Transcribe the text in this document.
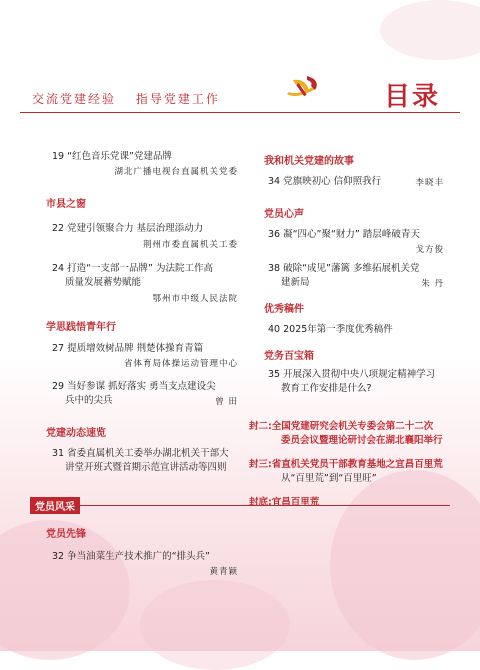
交流党建经验 指导党建工作	目录
19 “红色音乐党课”党建品牌
湖北广播电视台直属机关党委
市县之窗
22 党建引领聚合力 基层治理添动力
荆州市委直属机关工委
24 打造“一支部一品牌” 为法院工作高
质量发展蓄势赋能
鄂州市中级人民法院
学思践悟青年行
27 提质增效树品牌 荆楚体操育青篇
省体育局体操运动管理中心
29 当好参谋 抓好落实 勇当支点建设尖
兵中的尖兵	曾 田
党建动态速览
31 省委直属机关工委举办湖北机关干部大
讲堂开班式暨首期示范宣讲活动等四则
党员风采
党员先锋
32 争当油菜生产技术推广的“排头兵”
黄青颖
我和机关党建的故事
34 党旗映初心 信仰照我行	李晓丰
党员心声
36 凝“四心”聚“财力” 踏层峰破青天
戈方俊
38 破除“成见”藩篱 多维拓展机关党
建新局	朱 丹
优秀稿件
40 2025年第一季度优秀稿件
党务百宝箱
35 开展深入贯彻中央八项规定精神学习
教育工作安排是什么?
封二:全国党建研究会机关专委会第二十二次
委员会议暨理论研讨会在湖北襄阳举行
封三:省直机关党员干部教育基地之宜昌百里荒
从“百里荒”到“百里旺”
封底:宜昌百里荒
